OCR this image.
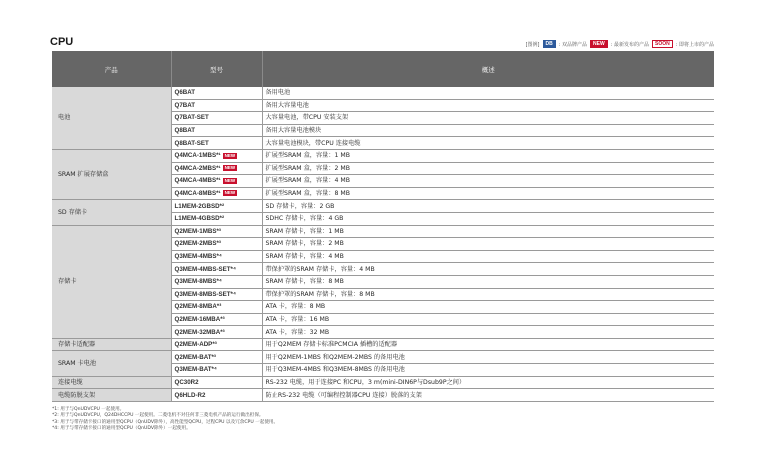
CPU	[图例]	DB	: 双品牌产品	NEW	: 最新发布的产品	SOON	: 即将上市的产品
产品	型号	概述
电池	Q6BAT	备用电池
	Q7BAT	备用大容量电池
	Q7BAT-SET	大容量电池，带CPU 安装支架
	Q8BAT	备用大容量电池模块
	Q8BAT-SET	大容量电池模块，带CPU 连接电缆
SRAM 扩展存储盒	Q4MCA-1MBS*¹ NEW	扩展型SRAM 盒，容量：1 MB
	Q4MCA-2MBS*¹ NEW	扩展型SRAM 盒，容量：2 MB
	Q4MCA-4MBS*¹ NEW	扩展型SRAM 盒，容量：4 MB
	Q4MCA-8MBS*¹ NEW	扩展型SRAM 盒，容量：8 MB
SD 存储卡	L1MEM-2GBSD*²	SD 存储卡，容量：2 GB
	L1MEM-4GBSD*²	SDHC 存储卡，容量：4 GB
存储卡	Q2MEM-1MBS*³	SRAM 存储卡，容量：1 MB
	Q2MEM-2MBS*³	SRAM 存储卡，容量：2 MB
	Q3MEM-4MBS*⁴	SRAM 存储卡，容量：4 MB
	Q3MEM-4MBS-SET*⁴	带保护罩的SRAM 存储卡，容量：4 MB
	Q3MEM-8MBS*⁴	SRAM 存储卡，容量：8 MB
	Q3MEM-8MBS-SET*⁴	带保护罩的SRAM 存储卡，容量：8 MB
	Q2MEM-8MBA*³	ATA 卡，容量：8 MB
	Q2MEM-16MBA*³	ATA 卡，容量：16 MB
	Q2MEM-32MBA*³	ATA 卡，容量：32 MB
存储卡适配器	Q2MEM-ADP*³	用于Q2MEM 存储卡标准PCMCIA 插槽的适配器
SRAM 卡电池	Q2MEM-BAT*³	用于Q2MEM-1MBS 和Q2MEM-2MBS 的备用电池
	Q3MEM-BAT*⁴	用于Q3MEM-4MBS 和Q3MEM-8MBS 的备用电池
连接电缆	QC30R2	RS-232 电缆，用于连接PC 和CPU，3 m(mini-DIN6P与Dsub9P之间）
电缆防脱支架	Q6HLD-R2	防止RS-232 电缆（可编程控制器CPU 连接）脱落的支架
*1: 用于与QnUDVCPU 一起使用。
*2: 用于与QnUDVCPU，Q24DHCCPU 一起使用。二菱电机不对任何非三菱电机产品的运行做出担保。
*3: 用于与带存储卡接口的通用型QCPU（QnUDV除外），高性能型QCPU，过程CPU 以及冗余CPU 一起使用。
*4: 用于与带存储卡接口的通用型QCPU（QnUDV除外）一起使用。
